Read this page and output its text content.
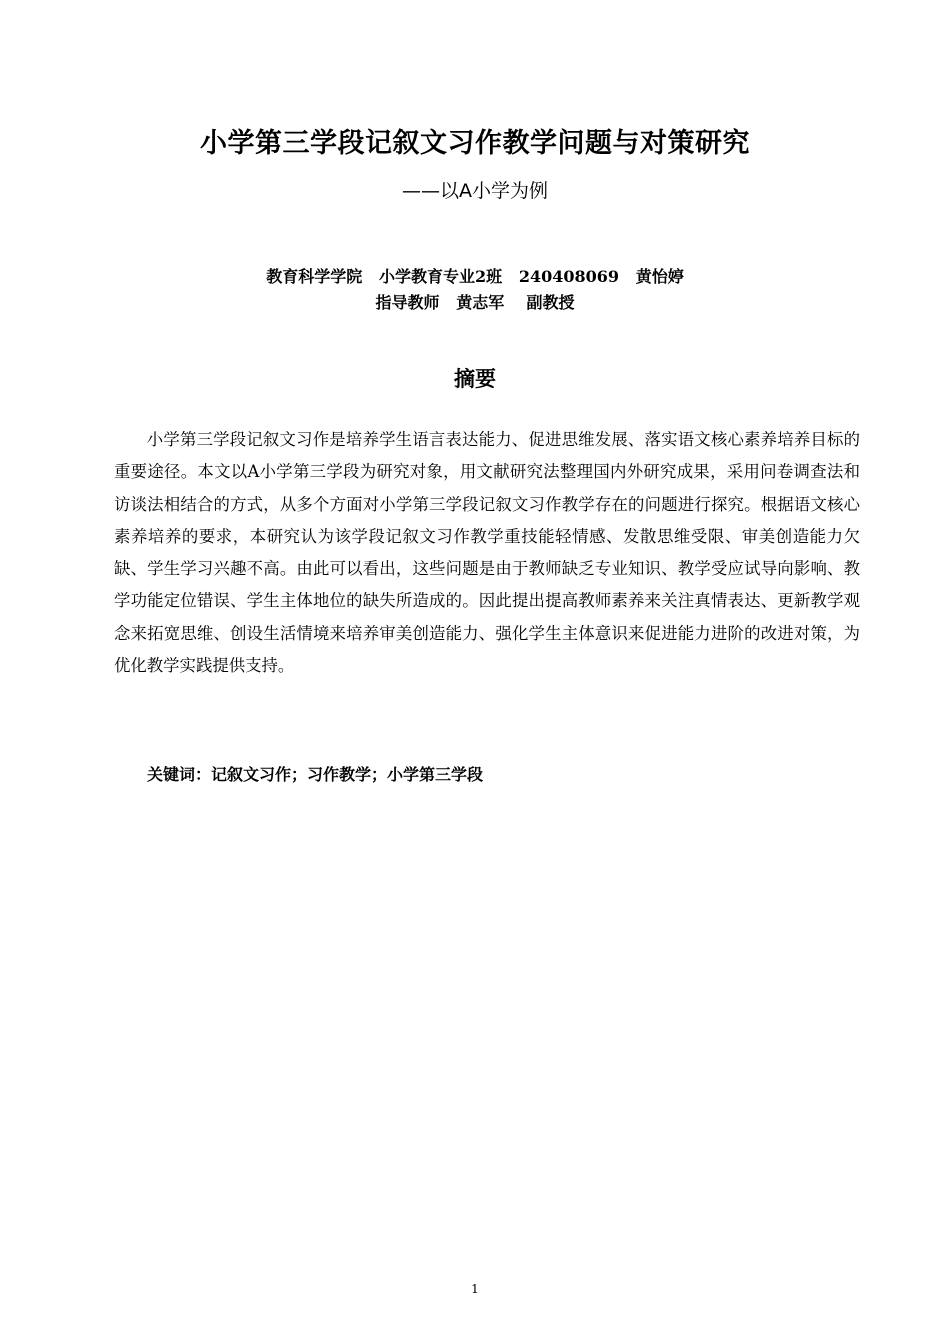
小学第三学段记叙文习作教学问题与对策研究
——以A小学为例
教育科学学院   小学教育专业2班   240408069   黄怡婷
指导教师   黄志军    副教授
摘要

小学第三学段记叙文习作是培养学生语言表达能力、促进思维发展、落实语文核心素养培养目标的重要途径。本文以A小学第三学段为研究对象，用文献研究法整理国内外研究成果，采用问卷调查法和访谈法相结合的方式，从多个方面对小学第三学段记叙文习作教学存在的问题进行探究。根据语文核心素养培养的要求，本研究认为该学段记叙文习作教学重技能轻情感、发散思维受限、审美创造能力欠缺、学生学习兴趣不高。由此可以看出，这些问题是由于教师缺乏专业知识、教学受应试导向影响、教学功能定位错误、学生主体地位的缺失所造成的。因此提出提高教师素养来关注真情表达、更新教学观念来拓宽思维、创设生活情境来培养审美创造能力、强化学生主体意识来促进能力进阶的改进对策，为优化教学实践提供支持。

关键词：记叙文习作；习作教学；小学第三学段
1
